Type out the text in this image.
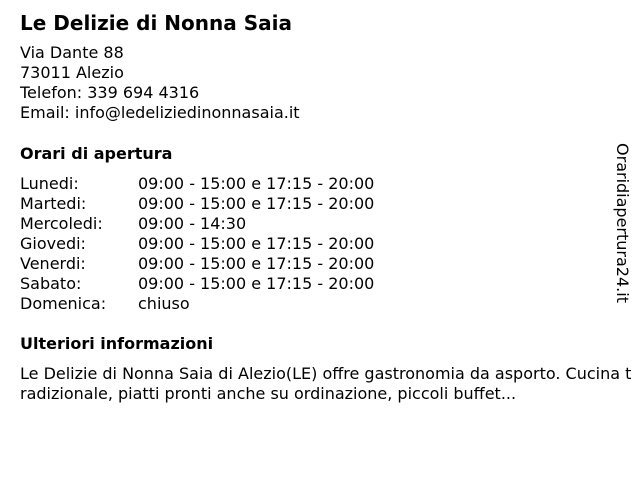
Le Delizie di Nonna Saia
Via Dante 88
73011 Alezio
Telefon: 339 694 4316
Email: info@ledeliziedinonnasaia.it
Orari di apertura
Lunedi:	09:00 - 15:00 e 17:15 - 20:00
Martedi:	09:00 - 15:00 e 17:15 - 20:00
Mercoledi: 09:00 - 14:30
Giovedi:	09:00 - 15:00 e 17:15 - 20:00
Venerdi:	09:00 - 15:00 e 17:15 - 20:00
Sabato:	09:00 - 15:00 e 17:15 - 20:00
Domenica: chiuso
Ulteriori informazioni

Le Delizie di Nonna Saia di Alezio(LE) offre gastronomia da asporto. Cucina tradizionale, piatti pronti anche su ordinazione, piccoli buffet...

Oraridiapertura24.it
